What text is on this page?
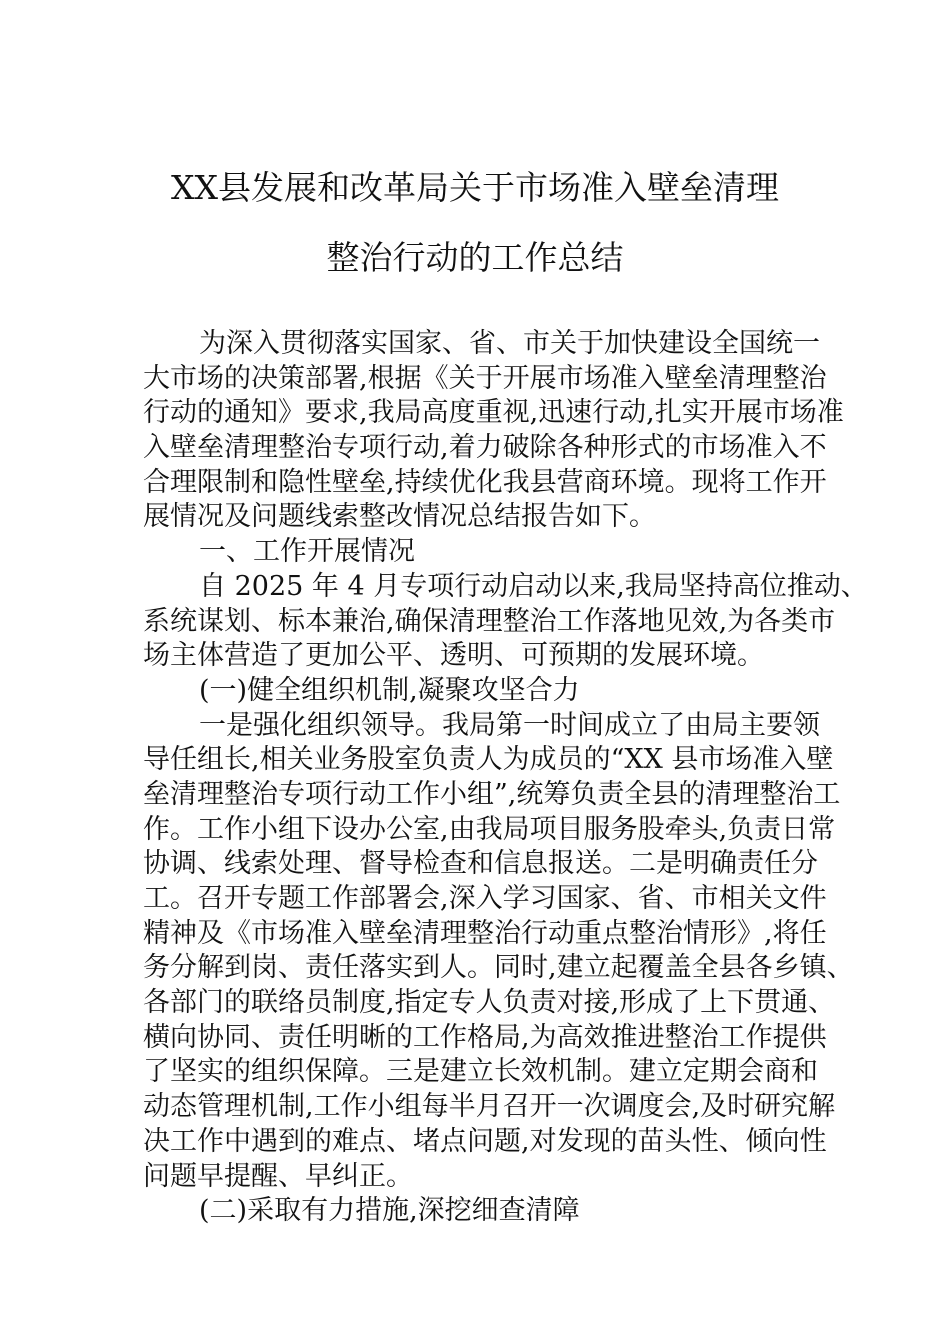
XX县发展和改革局关于市场准入壁垒清理
整治行动的工作总结
为深入贯彻落实国家、省、市关于加快建设全国统一
大市场的决策部署,根据《关于开展市场准入壁垒清理整治
行动的通知》要求,我局高度重视,迅速行动,扎实开展市场准
入壁垒清理整治专项行动,着力破除各种形式的市场准入不
合理限制和隐性壁垒,持续优化我县营商环境。现将工作开
展情况及问题线索整改情况总结报告如下。
一、工作开展情况
自 2025 年 4 月专项行动启动以来,我局坚持高位推动、
系统谋划、标本兼治,确保清理整治工作落地见效,为各类市
场主体营造了更加公平、透明、可预期的发展环境。
(一)健全组织机制,凝聚攻坚合力
一是强化组织领导。我局第一时间成立了由局主要领
导任组长,相关业务股室负责人为成员的“XX 县市场准入壁
垒清理整治专项行动工作小组”,统筹负责全县的清理整治工
作。工作小组下设办公室,由我局项目服务股牵头,负责日常
协调、线索处理、督导检查和信息报送。二是明确责任分
工。召开专题工作部署会,深入学习国家、省、市相关文件
精神及《市场准入壁垒清理整治行动重点整治情形》,将任
务分解到岗、责任落实到人。同时,建立起覆盖全县各乡镇、
各部门的联络员制度,指定专人负责对接,形成了上下贯通、
横向协同、责任明晰的工作格局,为高效推进整治工作提供
了坚实的组织保障。三是建立长效机制。建立定期会商和
动态管理机制,工作小组每半月召开一次调度会,及时研究解
决工作中遇到的难点、堵点问题,对发现的苗头性、倾向性
问题早提醒、早纠正。
(二)采取有力措施,深挖细查清障
